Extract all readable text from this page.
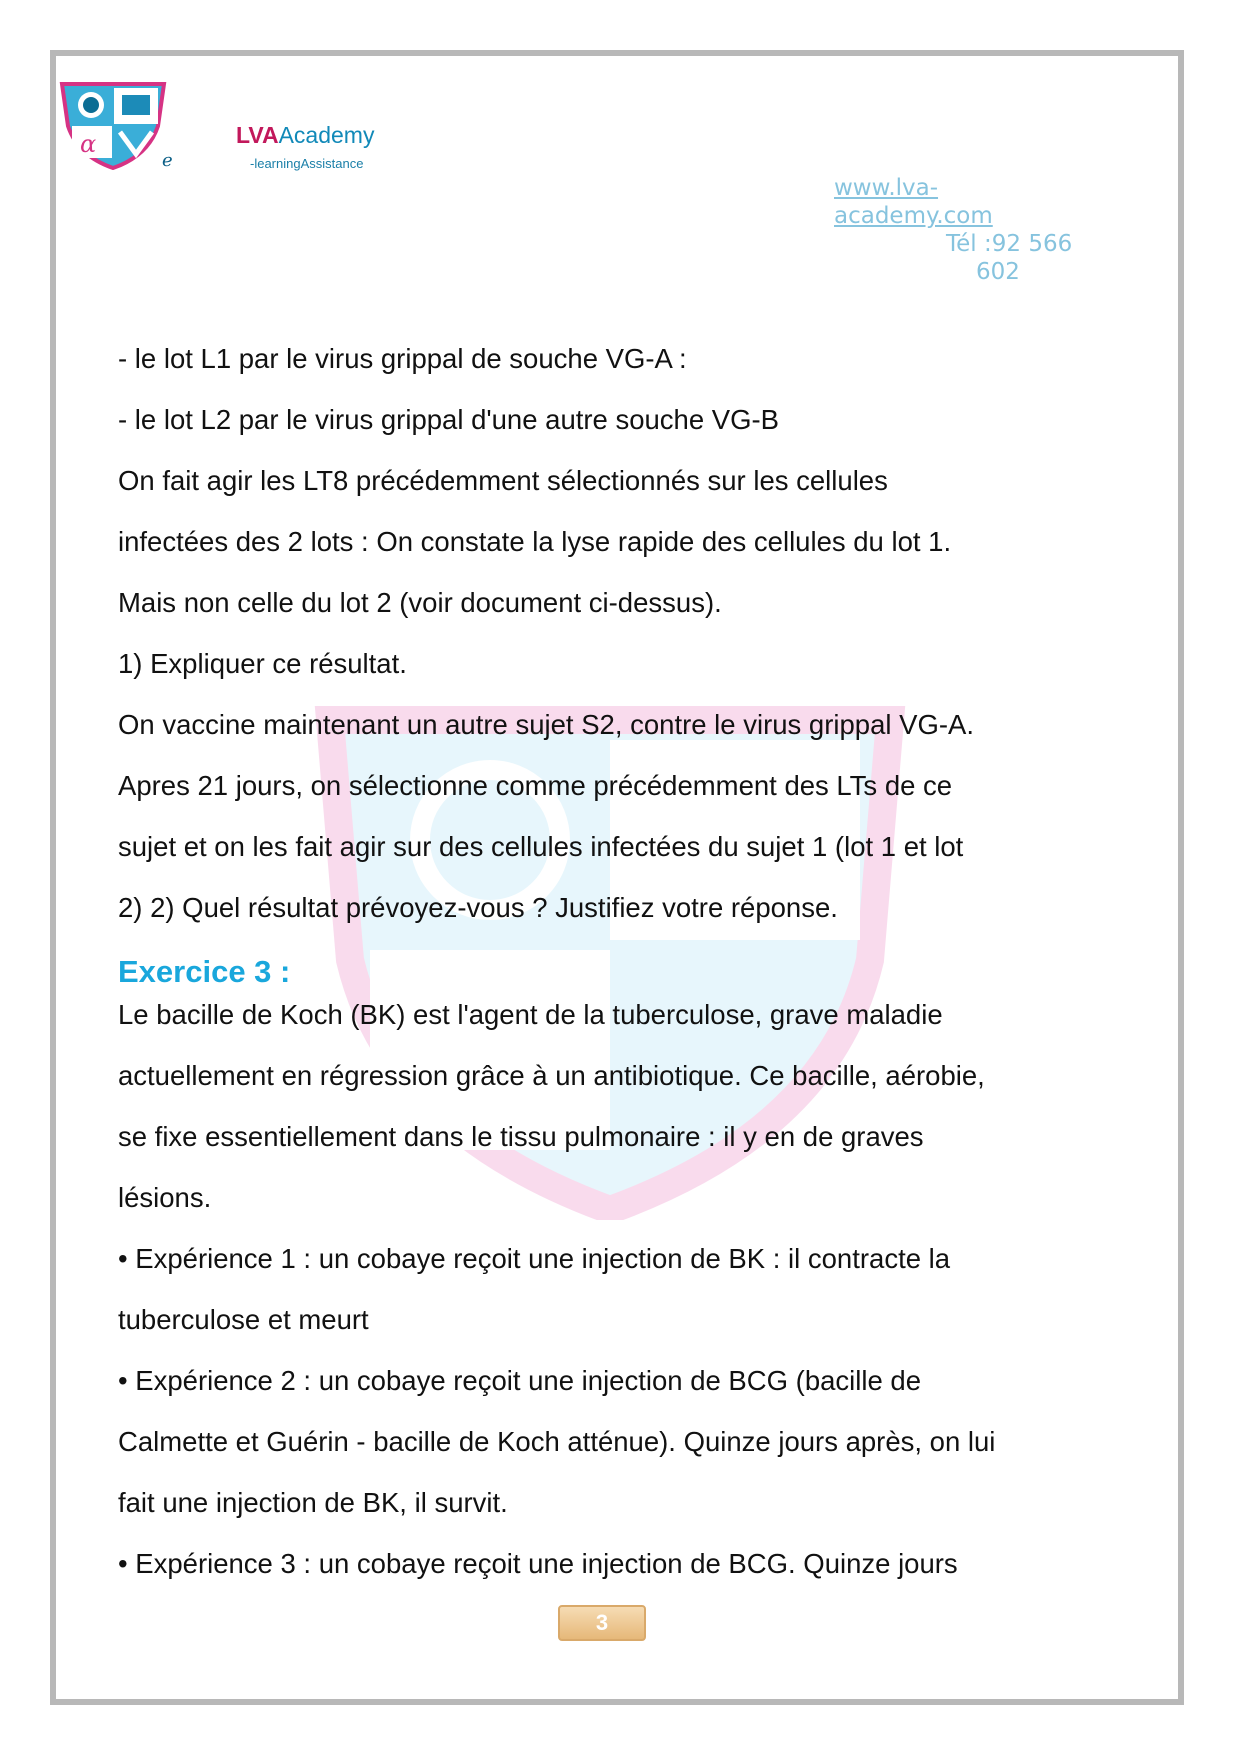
α
e
LVAAcademy
-learningAssistance
www.lva-
academy.com
Tél :92 566
602
- le lot L1 par le virus grippal de souche VG-A :
- le lot L2 par le virus grippal d'une autre souche VG-B
On fait agir les LT8 précédemment sélectionnés sur les cellules
infectées des 2 lots : On constate la lyse rapide des cellules du lot 1.
Mais non celle du lot 2 (voir document ci-dessus).
1) Expliquer ce résultat.
On vaccine maintenant un autre sujet S2, contre le virus grippal VG-A.
Apres 21 jours, on sélectionne comme précédemment des LTs de ce
sujet et on les fait agir sur des cellules infectées du sujet 1 (lot 1 et lot
2) 2) Quel résultat prévoyez-vous ? Justifiez votre réponse.
Exercice 3 :
Le bacille de Koch (BK) est l'agent de la tuberculose, grave maladie
actuellement en régression grâce à un antibiotique. Ce bacille, aérobie,
se fixe essentiellement dans le tissu pulmonaire : il y en de graves
lésions.
• Expérience 1 : un cobaye reçoit une injection de BK : il contracte la
tuberculose et meurt
• Expérience 2 : un cobaye reçoit une injection de BCG (bacille de
Calmette et Guérin - bacille de Koch atténue). Quinze jours après, on lui
fait une injection de BK, il survit.
• Expérience 3 : un cobaye reçoit une injection de BCG. Quinze jours
3
